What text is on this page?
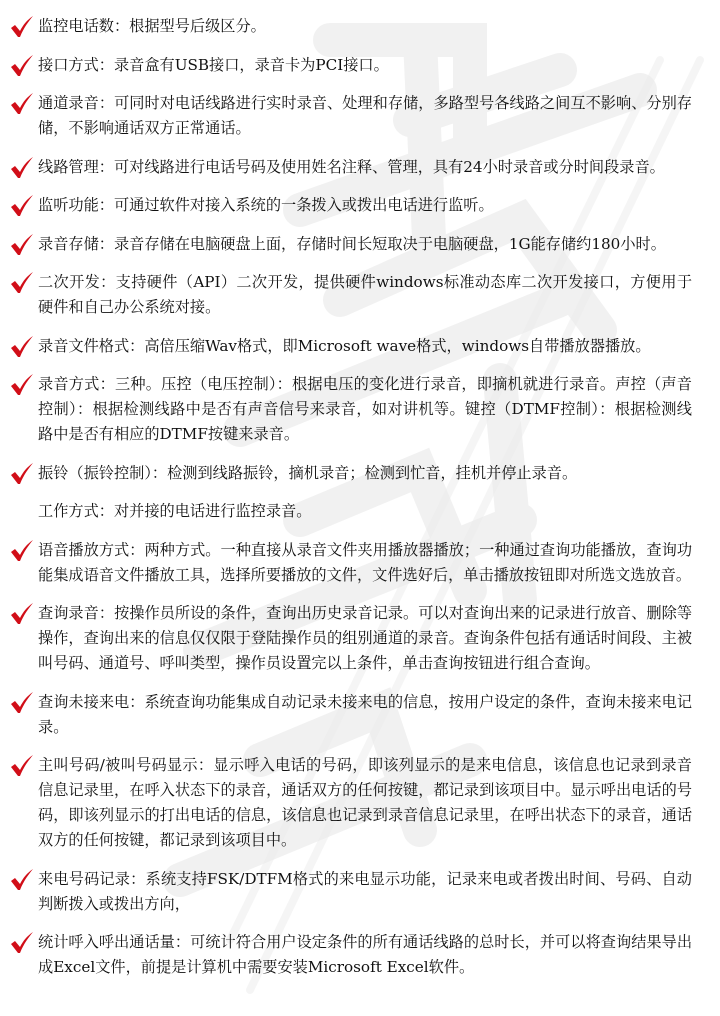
监控电话数：根据型号后级区分。
接口方式：录音盒有USB接口，录音卡为PCI接口。
通道录音：可同时对电话线路进行实时录音、处理和存储，多路型号各线路之间互不影响、分别存储，不影响通话双方正常通话。
线路管理：可对线路进行电话号码及使用姓名注释、管理，具有24小时录音或分时间段录音。
监听功能：可通过软件对接入系统的一条拨入或拨出电话进行监听。
录音存储：录音存储在电脑硬盘上面，存储时间长短取决于电脑硬盘，1G能存储约180小时。
二次开发：支持硬件（API）二次开发，提供硬件windows标准动态库二次开发接口，方便用于硬件和自己办公系统对接。
录音文件格式：高倍压缩Wav格式，即Microsoft wave格式，windows自带播放器播放。
录音方式：三种。压控（电压控制）：根据电压的变化进行录音，即摘机就进行录音。声控（声音控制）：根据检测线路中是否有声音信号来录音，如对讲机等。键控（DTMF控制）：根据检测线路中是否有相应的DTMF按键来录音。
振铃（振铃控制）：检测到线路振铃，摘机录音；检测到忙音，挂机并停止录音。
工作方式：对并接的电话进行监控录音。
语音播放方式：两种方式。一种直接从录音文件夹用播放器播放；一种通过查询功能播放，查询功能集成语音文件播放工具，选择所要播放的文件，文件选好后，单击播放按钮即对所选文选放音。
查询录音：按操作员所设的条件，查询出历史录音记录。可以对查询出来的记录进行放音、删除等操作，查询出来的信息仅仅限于登陆操作员的组别通道的录音。查询条件包括有通话时间段、主被叫号码、通道号、呼叫类型，操作员设置完以上条件，单击查询按钮进行组合查询。
查询未接来电：系统查询功能集成自动记录未接来电的信息，按用户设定的条件，查询未接来电记录。
主叫号码/被叫号码显示：显示呼入电话的号码，即该列显示的是来电信息，该信息也记录到录音信息记录里，在呼入状态下的录音，通话双方的任何按键，都记录到该项目中。显示呼出电话的号码，即该列显示的打出电话的信息，该信息也记录到录音信息记录里，在呼出状态下的录音，通话双方的任何按键，都记录到该项目中。
来电号码记录：系统支持FSK/DTFM格式的来电显示功能，记录来电或者拨出时间、号码、自动判断拨入或拨出方向，
统计呼入呼出通话量：可统计符合用户设定条件的所有通话线路的总时长，并可以将查询结果导出成Excel文件，前提是计算机中需要安装Microsoft Excel软件。
